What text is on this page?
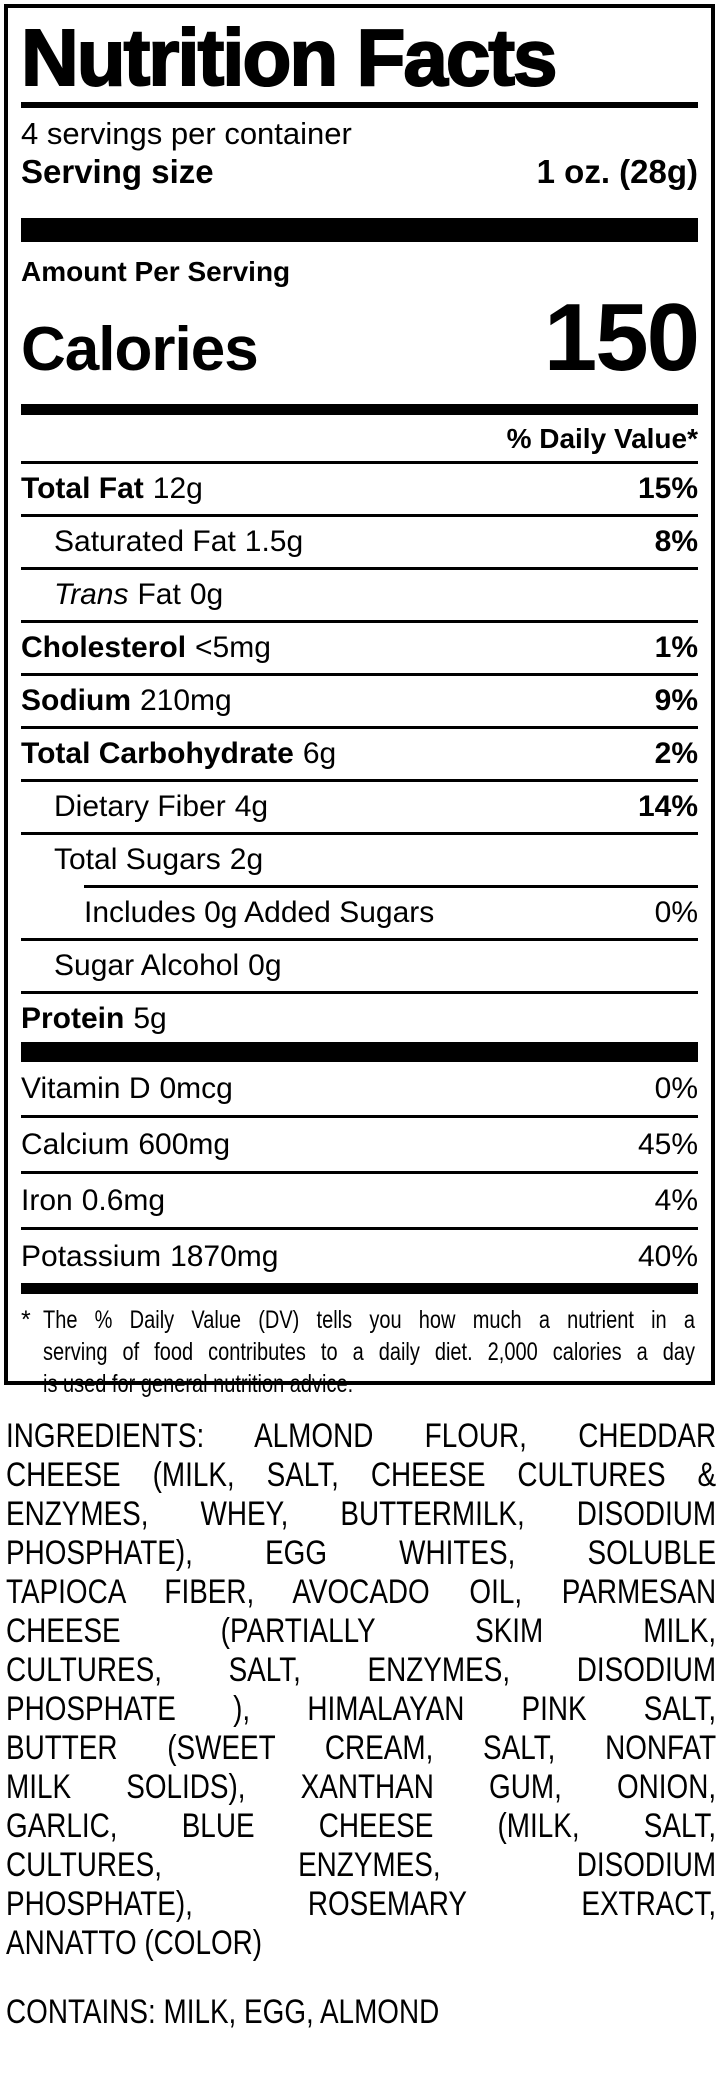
Nutrition Facts
4 servings per container
Serving size	1 oz. (28g)
Amount Per Serving
Calories	150
% Daily Value*
Total Fat 12g	15%
Saturated Fat 1.5g	8%
Trans Fat 0g
Cholesterol <5mg	1%
Sodium 210mg	9%
Total Carbohydrate 6g	2%
Dietary Fiber 4g	14%
Total Sugars 2g
Includes 0g Added Sugars	0%
Sugar Alcohol 0g
Protein 5g
Vitamin D 0mcg	0%
Calcium 600mg	45%
Iron 0.6mg	4%
Potassium 1870mg	40%
* The % Daily Value (DV) tells you how much a nutrient in a
serving of food contributes to a daily diet. 2,000 calories a day
is used for general nutrition advice.
INGREDIENTS: ALMOND FLOUR, CHEDDAR
CHEESE (MILK, SALT, CHEESE CULTURES &
ENZYMES, WHEY, BUTTERMILK, DISODIUM
PHOSPHATE), EGG WHITES, SOLUBLE
TAPIOCA FIBER, AVOCADO OIL, PARMESAN
CHEESE (PARTIALLY SKIM MILK,
CULTURES, SALT, ENZYMES, DISODIUM
PHOSPHATE ), HIMALAYAN PINK SALT,
BUTTER (SWEET CREAM, SALT, NONFAT
MILK SOLIDS), XANTHAN GUM, ONION,
GARLIC, BLUE CHEESE (MILK, SALT,
CULTURES, ENZYMES, DISODIUM
PHOSPHATE), ROSEMARY EXTRACT,
ANNATTO (COLOR)
CONTAINS: MILK, EGG, ALMOND
